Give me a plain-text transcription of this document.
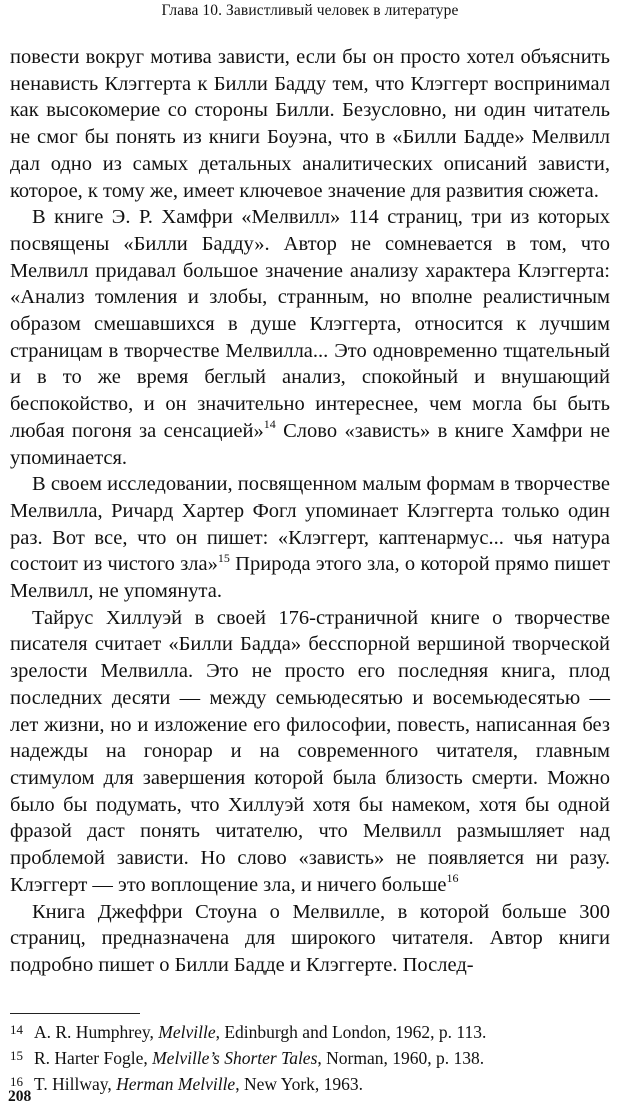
Глава 10. Завистливый человек в литературе

повести вокруг мотива зависти, если бы он просто хотел объяснить ненависть Клэггерта к Билли Бадду тем, что Клэггерт воспринимал как высокомерие со стороны Билли. Безусловно, ни один читатель не смог бы понять из книги Боуэна, что в «Билли Бадде» Мелвилл дал одно из самых детальных аналитических описаний зависти, которое, к тому же, имеет ключевое значение для развития сюжета.

В книге Э. Р. Хамфри «Мелвилл» 114 страниц, три из которых посвящены «Билли Бадду». Автор не сомневается в том, что Мелвилл придавал большое значение анализу характера Клэггерта: «Анализ томления и злобы, странным, но вполне реалистичным образом смешавшихся в душе Клэггерта, относится к лучшим страницам в творчестве Мелвилла... Это одновременно тщательный и в то же время беглый анализ, спокойный и внушающий беспокойство, и он значительно интереснее, чем могла бы быть любая погоня за сенсацией»$^{14}$ Слово «зависть» в книге Хамфри не упоминается.

В своем исследовании, посвященном малым формам в творчестве Мелвилла, Ричард Хартер Фогл упоминает Клэггерта только один раз. Вот все, что он пишет: «Клэггерт, каптенармус... чья натура состоит из чистого зла»$^{15}$ Природа этого зла, о которой прямо пишет Мелвилл, не упомянута.

Тайрус Хиллуэй в своей 176-страничной книге о творчестве писателя считает «Билли Бадда» бесспорной вершиной творческой зрелости Мелвилла. Это не просто его последняя книга, плод последних десяти — между семьюдесятью и восемьюдесятью — лет жизни, но и изложение его философии, повесть, написанная без надежды на гонорар и на современного читателя, главным стимулом для завершения которой была близость смерти. Можно было бы подумать, что Хиллуэй хотя бы намеком, хотя бы одной фразой даст понять читателю, что Мелвилл размышляет над проблемой зависти. Но слово «зависть» не появляется ни разу. Клэггерт — это воплощение зла, и ничего больше$^{16}$

Книга Джеффри Стоуна о Мелвилле, в которой больше 300 страниц, предназначена для широкого читателя. Автор книги подробно пишет о Билли Бадде и Клэггерте. Послед-

14 A. R. Humphrey, Melville, Edinburgh and London, 1962, p. 113.
15 R. Harter Fogle, Melville’s Shorter Tales, Norman, 1960, p. 138.
16 T. Hillway, Herman Melville, New York, 1963.
208
